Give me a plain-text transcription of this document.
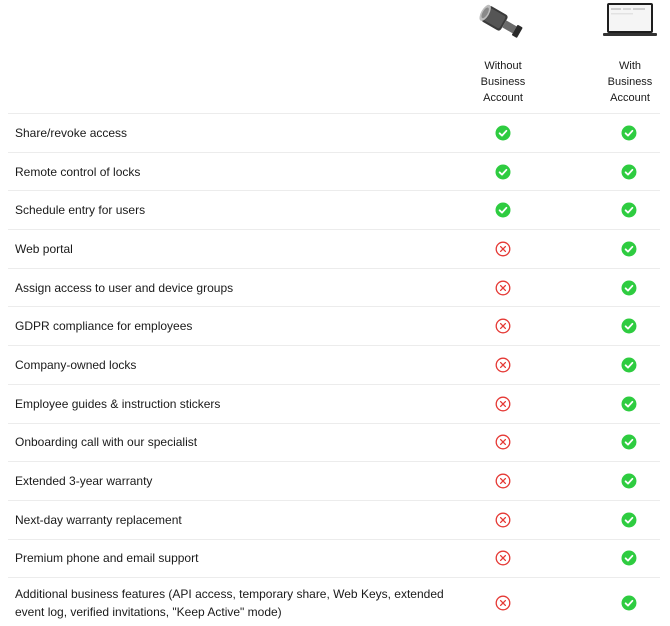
Without
Business
Account
With
Business
Account
Share/revoke access
Remote control of locks
Schedule entry for users
Web portal
Assign access to user and device groups
GDPR compliance for employees
Company-owned locks
Employee guides & instruction stickers
Onboarding call with our specialist
Extended 3-year warranty
Next-day warranty replacement
Premium phone and email support
Additional business features (API access, temporary share, Web Keys, extended event log, verified invitations, "Keep Active" mode)
